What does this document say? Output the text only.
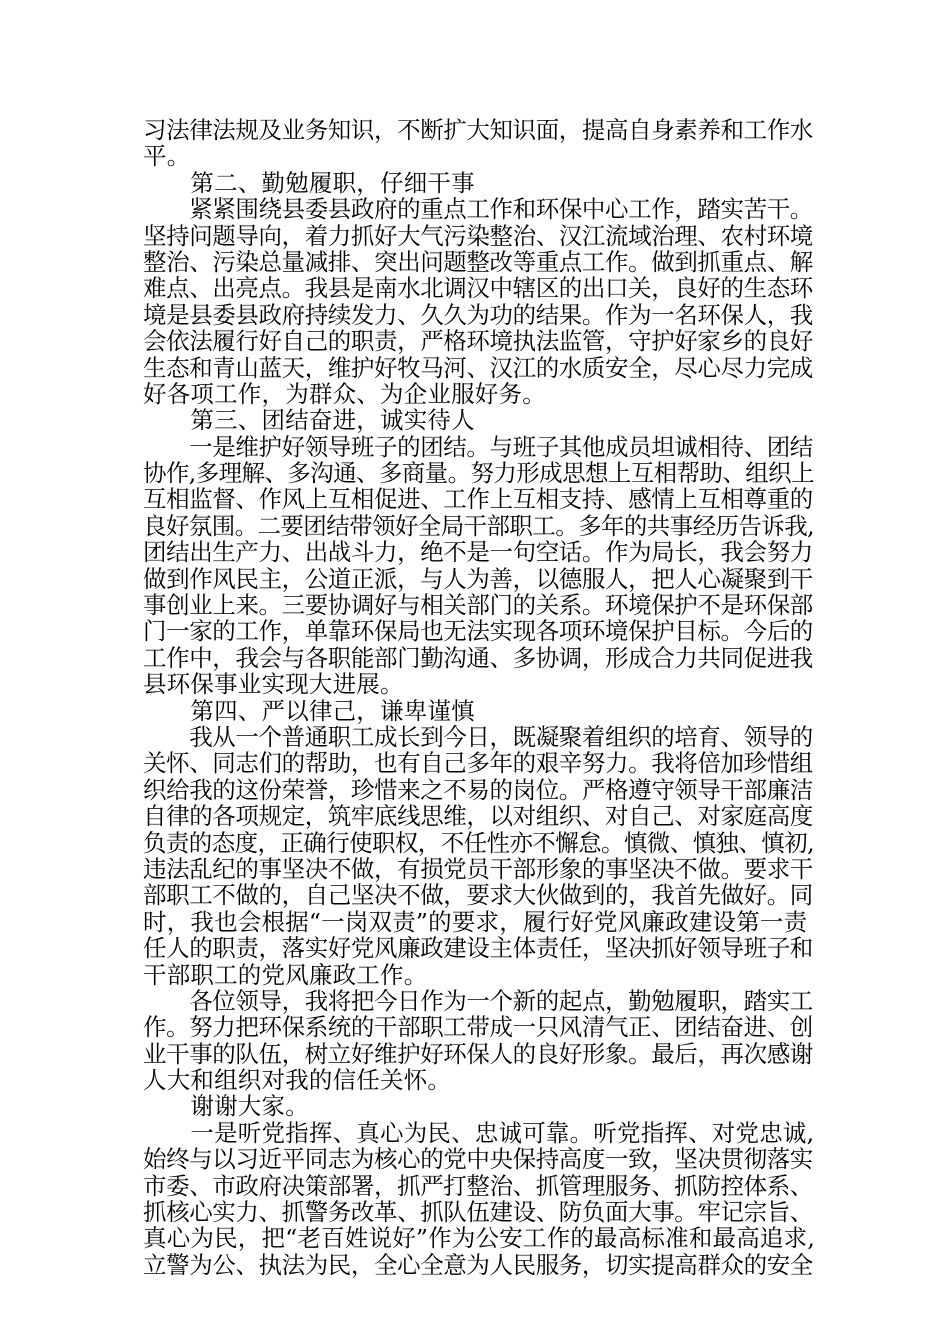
习法律法规及业务知识，不断扩大知识面，提高自身素养和工作水
平。
　　第二、勤勉履职，仔细干事
　　紧紧围绕县委县政府的重点工作和环保中心工作，踏实苦干。
坚持问题导向，着力抓好大气污染整治、汉江流域治理、农村环境
整治、污染总量减排、突出问题整改等重点工作。做到抓重点、解
难点、出亮点。我县是南水北调汉中辖区的出口关，良好的生态环
境是县委县政府持续发力、久久为功的结果。作为一名环保人，我
会依法履行好自己的职责，严格环境执法监管，守护好家乡的良好
生态和青山蓝天，维护好牧马河、汉江的水质安全，尽心尽力完成
好各项工作，为群众、为企业服好务。
　　第三、团结奋进，诚实待人
　　一是维护好领导班子的团结。与班子其他成员坦诚相待、团结
协作,多理解、多沟通、多商量。努力形成思想上互相帮助、组织上
互相监督、作风上互相促进、工作上互相支持、感情上互相尊重的
良好氛围。二要团结带领好全局干部职工。多年的共事经历告诉我,
团结出生产力、出战斗力，绝不是一句空话。作为局长，我会努力
做到作风民主，公道正派，与人为善，以德服人，把人心凝聚到干
事创业上来。三要协调好与相关部门的关系。环境保护不是环保部
门一家的工作，单靠环保局也无法实现各项环境保护目标。今后的
工作中，我会与各职能部门勤沟通、多协调，形成合力共同促进我
县环保事业实现大进展。
　　第四、严以律己，谦卑谨慎
　　我从一个普通职工成长到今日，既凝聚着组织的培育、领导的
关怀、同志们的帮助，也有自己多年的艰辛努力。我将倍加珍惜组
织给我的这份荣誉，珍惜来之不易的岗位。严格遵守领导干部廉洁
自律的各项规定，筑牢底线思维，以对组织、对自己、对家庭高度
负责的态度，正确行使职权，不任性亦不懈怠。慎微、慎独、慎初,
违法乱纪的事坚决不做，有损党员干部形象的事坚决不做。要求干
部职工不做的，自己坚决不做，要求大伙做到的，我首先做好。同
时，我也会根据“一岗双责”的要求，履行好党风廉政建设第一责
任人的职责，落实好党风廉政建设主体责任，坚决抓好领导班子和
干部职工的党风廉政工作。
　　各位领导，我将把今日作为一个新的起点，勤勉履职，踏实工
作。努力把环保系统的干部职工带成一只风清气正、团结奋进、创
业干事的队伍，树立好维护好环保人的良好形象。最后，再次感谢
人大和组织对我的信任关怀。
　　谢谢大家。
　　一是听党指挥、真心为民、忠诚可靠。听党指挥、对党忠诚,
始终与以习近平同志为核心的党中央保持高度一致，坚决贯彻落实
市委、市政府决策部署，抓严打整治、抓管理服务、抓防控体系、
抓核心实力、抓警务改革、抓队伍建设、防负面大事。牢记宗旨、
真心为民，把“老百姓说好”作为公安工作的最高标准和最高追求,
立警为公、执法为民，全心全意为人民服务，切实提高群众的安全
